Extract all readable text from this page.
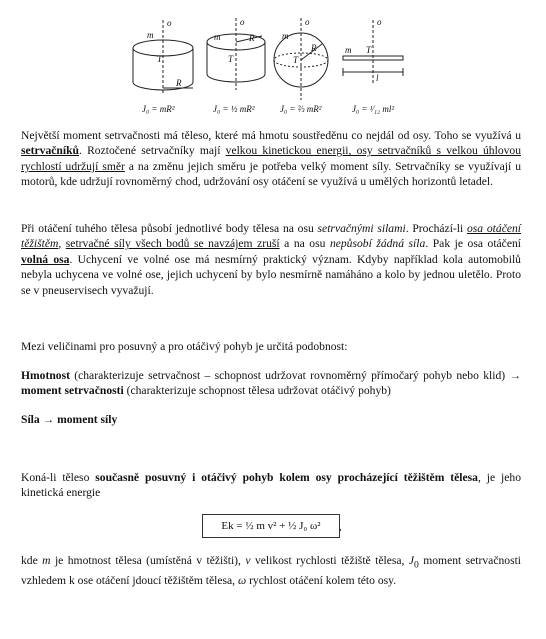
o
m
T
R
o
m	R
T
o
m
R
T
o
m T
l
J₀ = mR²	J₀ = ½ mR²	J₀ = ⅔ mR²	J₀ = ¹⁄₁₂ ml²

Největší moment setrvačnosti má těleso, které má hmotu soustředěnu co nejdál od osy. Toho se využívá u setrvačníků. Roztočené setrvačníky mají velkou kinetickou energii, osy setrvačníků s velkou úhlovou rychlostí udržují směr a na změnu jejich směru je potřeba velký moment síly. Setrvačníky se využívají u motorů, kde udržují rovnoměrný chod, udržování osy otáčení se využívá u umělých horizontů letadel.

Při otáčení tuhého tělesa působí jednotlivé body tělesa na osu setrvačnými silami. Prochází-li osa otáčení těžištěm, setrvačné síly všech bodů se navzájem zruší a na osu nepůsobí žádná síla. Pak je osa otáčení volná osa. Uchycení ve volné ose má nesmírný praktický význam. Kdyby například kola automobilů nebyla uchycena ve volné ose, jejich uchycení by bylo nesmírně namáháno a kolo by jednou uletělo. Proto se v pneuservisech vyvažují.

Mezi veličinami pro posuvný a pro otáčivý pohyb je určitá podobnost:

Hmotnost (charakterizuje setrvačnost – schopnost udržovat rovnoměrný přímočarý pohyb nebo klid) → moment setrvačnosti (charakterizuje schopnost tělesa udržovat otáčivý pohyb)

Síla → moment síly

Koná-li těleso současně posuvný i otáčivý pohyb kolem osy procházející těžištěm tělesa, je jeho kinetická energie

Ek = ½ m v² + ½ J₀ ω²	,

kde m je hmotnost tělesa (umístěná v těžišti), v velikost rychlosti těžiště tělesa, $J_0$ moment setrvačnosti vzhledem k ose otáčení jdoucí těžištěm tělesa, ω rychlost otáčení kolem této osy.
